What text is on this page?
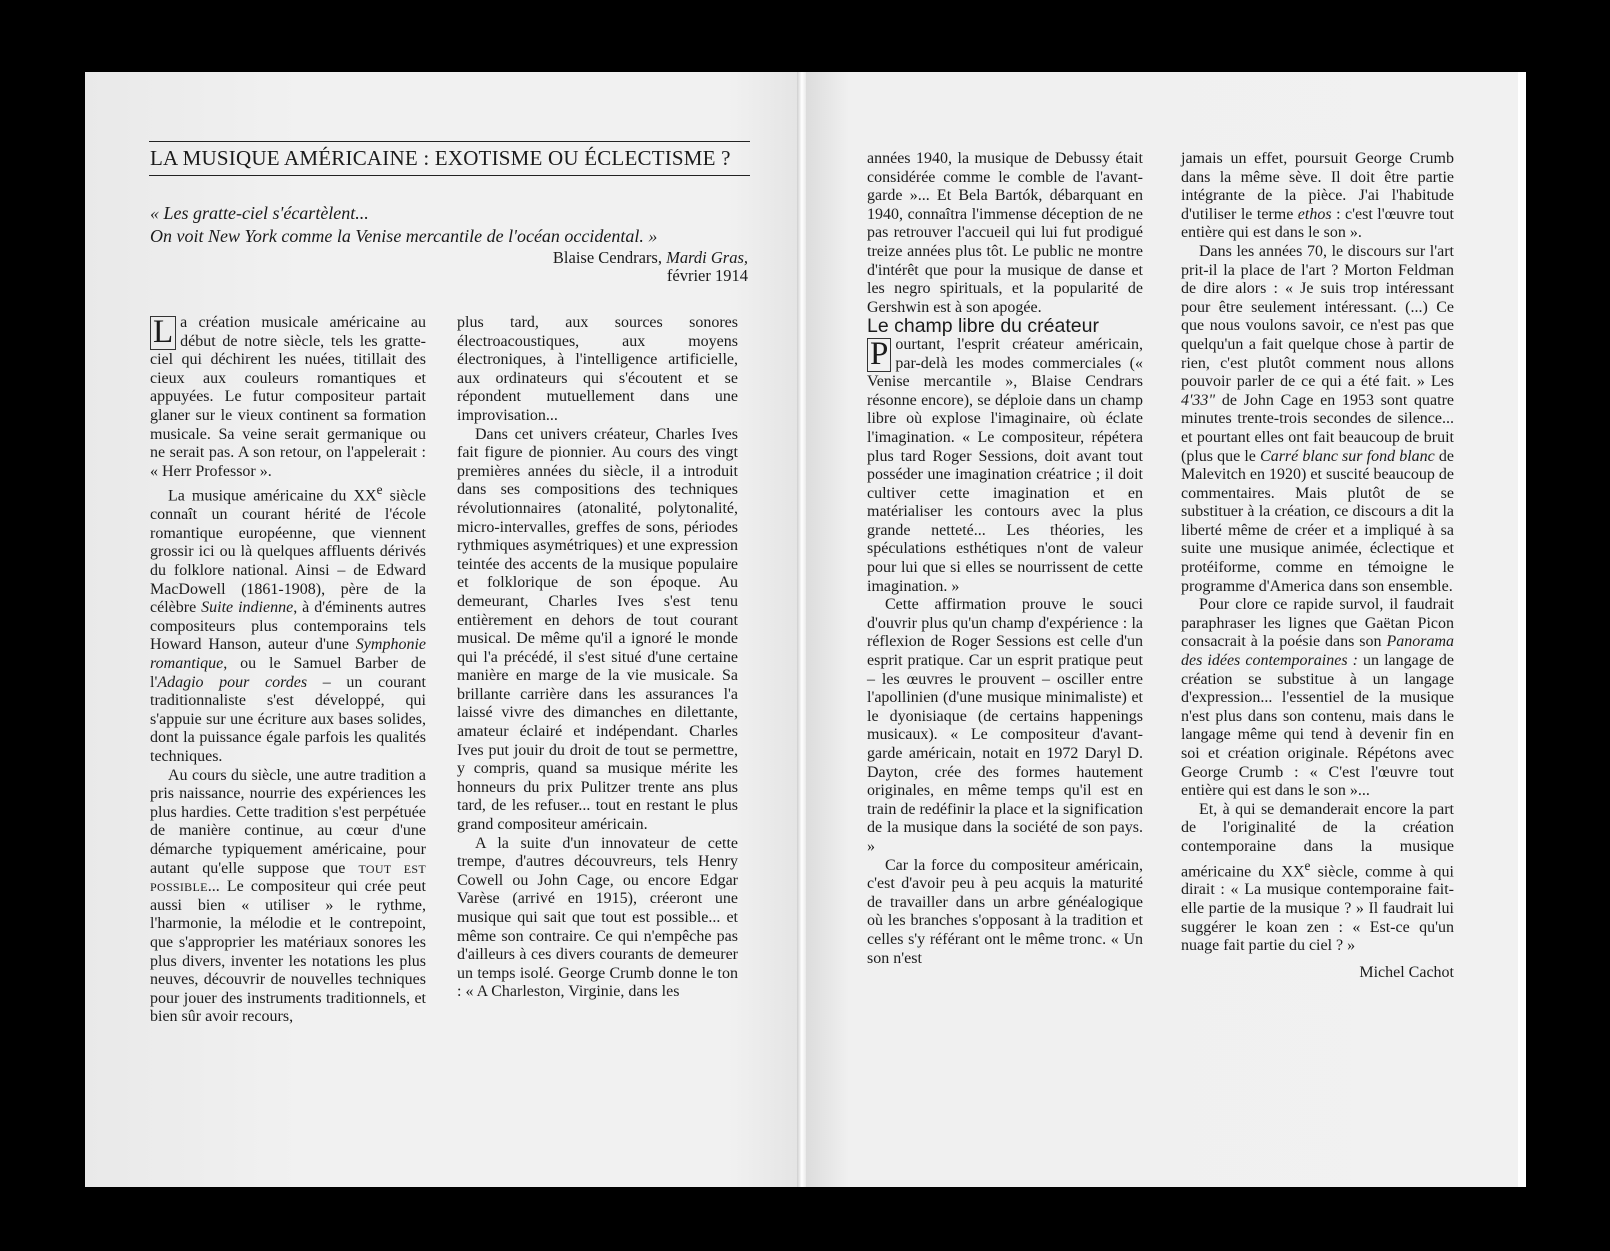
LA MUSIQUE AMÉRICAINE : EXOTISME OU ÉCLECTISME ?
« Les gratte-ciel s'écartèlent...
On voit New York comme la Venise mercantile de l'océan occidental. »
Blaise Cendrars, Mardi Gras,
février 1914

L a création musicale américaine au début de notre siècle, tels les gratte-ciel qui déchirent les nuées, titillait des cieux aux couleurs romantiques et appuyées. Le futur compositeur partait glaner sur le vieux continent sa formation musicale. Sa veine serait germanique ou ne serait pas. A son retour, on l'appelerait : « Herr Professor ».

La musique américaine du XXe siècle connaît un courant hérité de l'école romantique européenne, que viennent grossir ici ou là quelques affluents dérivés du folklore national. Ainsi – de Edward MacDowell (1861-1908), père de la célèbre Suite indienne, à d'éminents autres compositeurs plus contemporains tels Howard Hanson, auteur d'une Symphonie romantique, ou le Samuel Barber de l'Adagio pour cordes – un courant traditionnaliste s'est développé, qui s'appuie sur une écriture aux bases solides, dont la puissance égale parfois les qualités techniques.

Au cours du siècle, une autre tradition a pris naissance, nourrie des expériences les plus hardies. Cette tradition s'est perpétuée de manière continue, au cœur d'une démarche typiquement américaine, pour autant qu'elle suppose que TOUT EST POSSIBLE... Le compositeur qui crée peut aussi bien « utiliser » le rythme, l'harmonie, la mélodie et le contrepoint, que s'approprier les matériaux sonores les plus divers, inventer les notations les plus neuves, découvrir de nouvelles techniques pour jouer des instruments traditionnels, et bien sûr avoir recours,

plus tard, aux sources sonores électroacoustiques, aux moyens électroniques, à l'intelligence artificielle, aux ordinateurs qui s'écoutent et se répondent mutuellement dans une improvisation...

Dans cet univers créateur, Charles Ives fait figure de pionnier. Au cours des vingt premières années du siècle, il a introduit dans ses compositions des techniques révolutionnaires (atonalité, polytonalité, micro-intervalles, greffes de sons, périodes rythmiques asymétriques) et une expression teintée des accents de la musique populaire et folklorique de son époque. Au demeurant, Charles Ives s'est tenu entièrement en dehors de tout courant musical. De même qu'il a ignoré le monde qui l'a précédé, il s'est situé d'une certaine manière en marge de la vie musicale. Sa brillante carrière dans les assurances l'a laissé vivre des dimanches en dilettante, amateur éclairé et indépendant. Charles Ives put jouir du droit de tout se permettre, y compris, quand sa musique mérite les honneurs du prix Pulitzer trente ans plus tard, de les refuser... tout en restant le plus grand compositeur américain.

A la suite d'un innovateur de cette trempe, d'autres découvreurs, tels Henry Cowell ou John Cage, ou encore Edgar Varèse (arrivé en 1915), créeront une musique qui sait que tout est possible... et même son contraire. Ce qui n'empêche pas d'ailleurs à ces divers courants de demeurer un temps isolé. George Crumb donne le ton : « A Charleston, Virginie, dans les

années 1940, la musique de Debussy était considérée comme le comble de l'avant-garde »... Et Bela Bartók, débarquant en 1940, connaîtra l'immense déception de ne pas retrouver l'accueil qui lui fut prodigué treize années plus tôt. Le public ne montre d'intérêt que pour la musique de danse et les negro spirituals, et la popularité de Gershwin est à son apogée.

Le champ libre du créateur

P ourtant, l'esprit créateur américain, par-delà les modes commerciales (« Venise mercantile », Blaise Cendrars résonne encore), se déploie dans un champ libre où explose l'imaginaire, où éclate l'imagination. « Le compositeur, répétera plus tard Roger Sessions, doit avant tout posséder une imagination créatrice ; il doit cultiver cette imagination et en matérialiser les contours avec la plus grande netteté... Les théories, les spéculations esthétiques n'ont de valeur pour lui que si elles se nourrissent de cette imagination. »

Cette affirmation prouve le souci d'ouvrir plus qu'un champ d'expérience : la réflexion de Roger Sessions est celle d'un esprit pratique. Car un esprit pratique peut – les œuvres le prouvent – osciller entre l'apollinien (d'une musique minimaliste) et le dyonisiaque (de certains happenings musicaux). « Le compositeur d'avant-garde américain, notait en 1972 Daryl D. Dayton, crée des formes hautement originales, en même temps qu'il est en train de redéfinir la place et la signification de la musique dans la société de son pays. »

Car la force du compositeur américain, c'est d'avoir peu à peu acquis la maturité de travailler dans un arbre généalogique où les branches s'opposant à la tradition et celles s'y référant ont le même tronc. « Un son n'est

jamais un effet, poursuit George Crumb dans la même sève. Il doit être partie intégrante de la pièce. J'ai l'habitude d'utiliser le terme ethos : c'est l'œuvre tout entière qui est dans le son ».

Dans les années 70, le discours sur l'art prit-il la place de l'art ? Morton Feldman de dire alors : « Je suis trop intéressant pour être seulement intéressant. (...) Ce que nous voulons savoir, ce n'est pas que quelqu'un a fait quelque chose à partir de rien, c'est plutôt comment nous allons pouvoir parler de ce qui a été fait. » Les 4'33" de John Cage en 1953 sont quatre minutes trente-trois secondes de silence... et pourtant elles ont fait beaucoup de bruit (plus que le Carré blanc sur fond blanc de Malevitch en 1920) et suscité beaucoup de commentaires. Mais plutôt de se substituer à la création, ce discours a dit la liberté même de créer et a impliqué à sa suite une musique animée, éclectique et protéiforme, comme en témoigne le programme d'America dans son ensemble.

Pour clore ce rapide survol, il faudrait paraphraser les lignes que Gaëtan Picon consacrait à la poésie dans son Panorama des idées contemporaines : un langage de création se substitue à un langage d'expression... l'essentiel de la musique n'est plus dans son contenu, mais dans le langage même qui tend à devenir fin en soi et création originale. Répétons avec George Crumb : « C'est l'œuvre tout entière qui est dans le son »...

Et, à qui se demanderait encore la part de l'originalité de la création contemporaine dans la musique américaine du XXe siècle, comme à qui dirait : « La musique contemporaine fait-elle partie de la musique ? » Il faudrait lui suggérer le koan zen : « Est-ce qu'un nuage fait partie du ciel ? »

Michel Cachot
